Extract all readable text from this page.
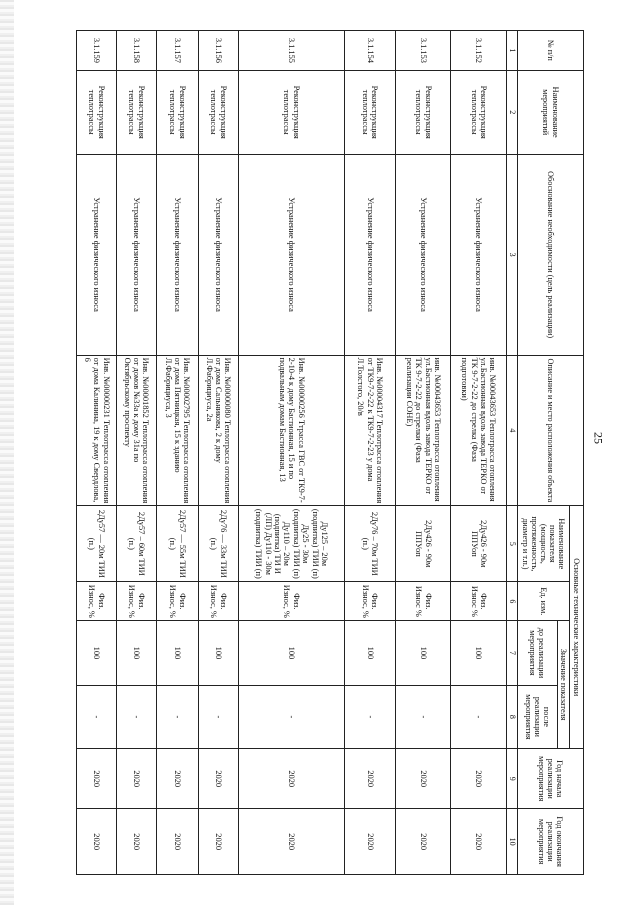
25
№ п/п	Наименование мероприятий	Обоснование необходимости (цель реализации)	Описание и место расположения объекта	Основные технические характеристики				Год начала реализации мероприятия	Год окончания реализации мероприятия
				Наименование показателя (мощность, протяженность, диаметр и т.п.)	Ед. изм.	Значение показателя			
						до реализации мероприятия	после реализации мероприятия		
1	2	3	4	5	6	7	8	9	10
3.1.152	Реконструкция теплотрассы	Устранение физического износа	инв. №00043653 Теплотрасса отопления ул.Бастионная вдоль завода ТЕРКО от ТК 9-7-2-22 до стрелка (Фаза подготовки)	2Дy426 - 90м ППУоп	Физ. Износ %	100	-	2020	2020
3.1.153	Реконструкция теплотрассы	Устранение физического износа	инв. №00043653 Теплотрасса отопления ул.Бастионная вдоль завода ТЕРКО от ТК 9-7-2-22 до стрелки (Фаза реализации СОНЕ)	2Дy426 - 90м ППУоп	Физ. Износ %	100	-	2020	2020
3.1.154	Реконструкция теплотрассы	Устранение физического износа	Инв. №00004317 Теплотрасса отопления от ТК9-7-2-22 к ТК9-7-2-23 у дома Л.Толстого, 20/в	2Дy76 – 70м ТИИ (п.)	Физ. Износ, %	100	-	2020	2020
3.1.155	Реконструкция теплотрассы	Устранение физического износа	Инв. №00000256 Ттрасса ГВС от ТК9-7-2-10-4 к дому Бастионная, 15 и по подвальным домам Бастионная, 13	Дy125 – 20м (подпитка) ТИИ (п) Дy25 - 30м (подпитка) ТИИ (п) Дy110 – 20м (подпитка) ТИ И (ЛП) Дy110 - 30м (подпитка) ТИИ (п)	Физ. Износ, %	100	-	2020	2020
3.1.156	Реконструкция теплотрассы	Устранение физического износа	Инв. №00000080 Теплотрасса отопления от дома Сальникова, 2 к дому Л.Фабрициуса, 2а	2Дy76 — 33м ТИИ (п.)	Физ. Износ, %	100	-	2020	2020
3.1.157	Реконструкция теплотрассы	Устранение физического износа	Инв. №00002795 Теплотрасса отопления от дома Пятницкая, 15 к зданию Л.Фабрициуса, 3	2Дy57 — 55м ТИИ (п.)	Физ. Износ, %	100	-	2020	2020
3.1.158	Реконструкция теплотрассы	Устранение физического износа	Инв. №00001852 Теплотрасса отопления от домов №33а к дому 31а по Октябрьскому проспекту	2Дy57 – 60м ТИИ (п.)	Физ. Износ, %	100	-	2020	2020
3.1.159	Реконструкция теплотрассы	Устранение физического износа	Инв. №00000231 Теплотрасса отопления от дома Калинина, 19 к дому Свердлова, 6	2Дy57 — 20м ТИИ (п.)	Физ. Износ, %	100	-	2020	2020
